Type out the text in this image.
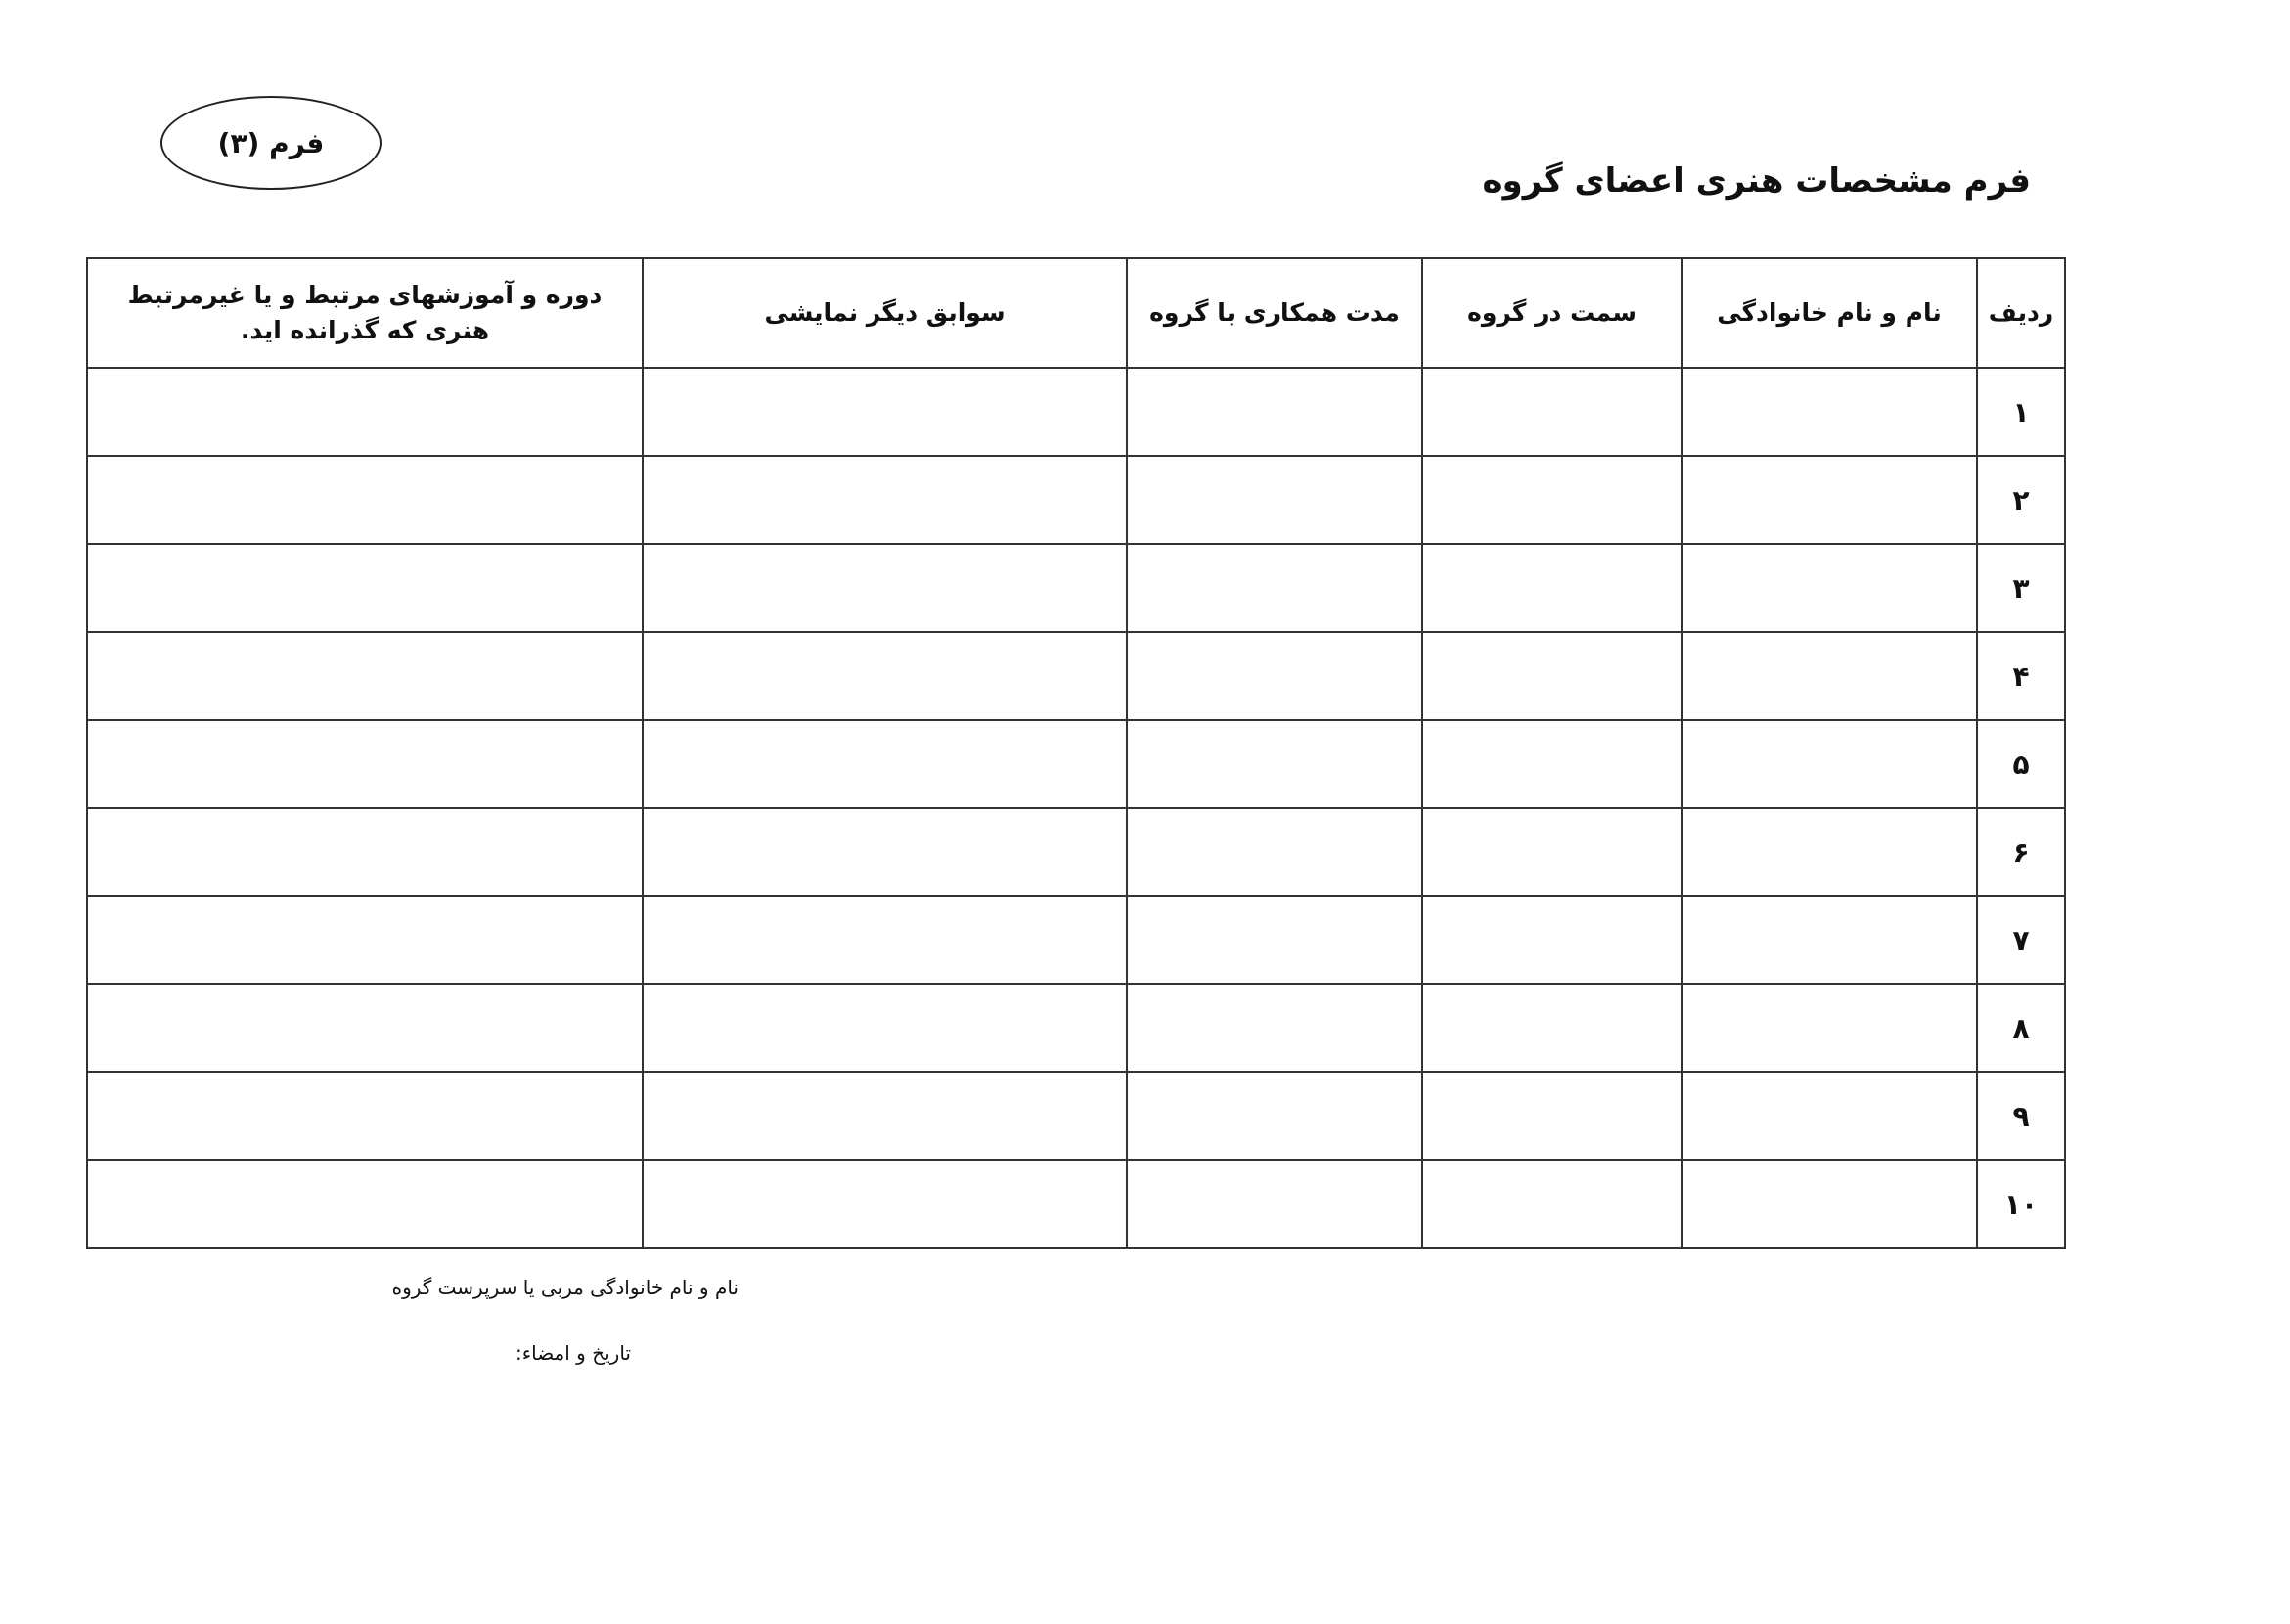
فرم (۳)
فرم مشخصات هنری اعضای گروه
ردیف	نام و نام خانوادگی	سمت در گروه	مدت همکاری با گروه	سوابق دیگر نمایشی	دوره و آموزشهای مرتبط و یا غیرمرتبط هنری که گذرانده اید.
۱					
۲					
۳					
۴					
۵					
۶					
۷					
۸					
۹					
۱۰					
نام و نام خانوادگی مربی یا سرپرست گروه
تاریخ و امضاء:
